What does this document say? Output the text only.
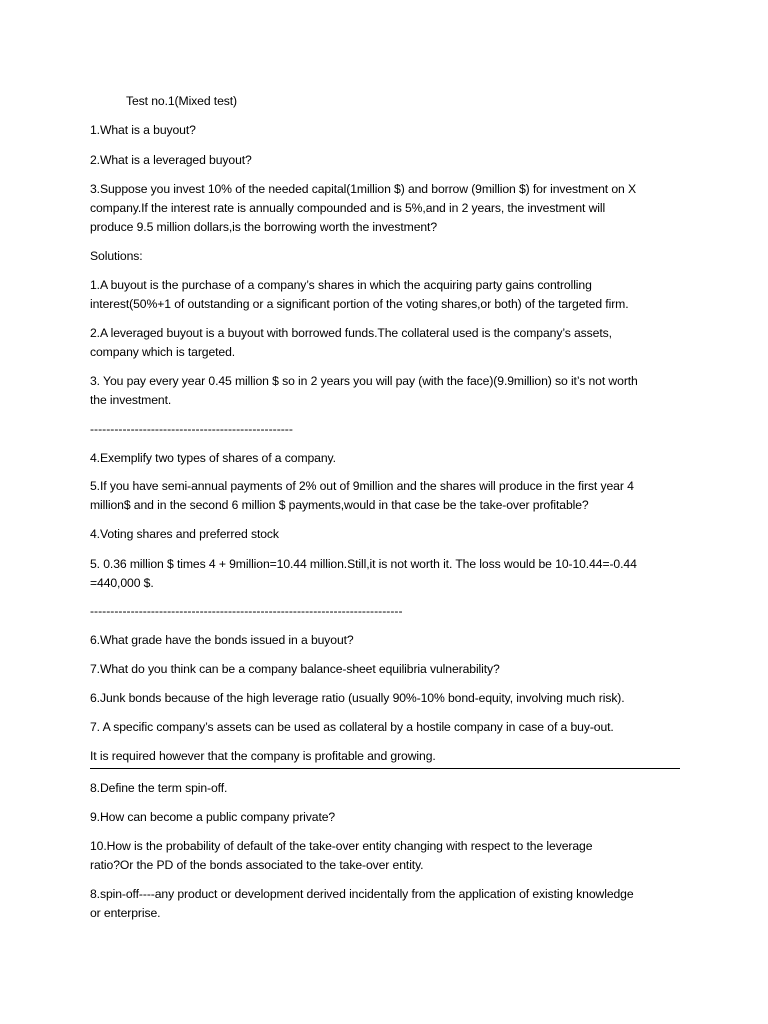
Test no.1(Mixed test)
1.What is a buyout?
2.What is a leveraged buyout?
3.Suppose you invest 10% of the needed capital(1million $) and borrow (9million $) for investment on X
company.If the interest rate is annually compounded and is 5%,and in 2 years, the investment will
produce 9.5 million dollars,is the borrowing worth the investment?
Solutions:
1.A buyout is the purchase of a company’s shares in which the acquiring party gains controlling
interest(50%+1 of outstanding or a significant portion of the voting shares,or both) of the targeted firm.
2.A leveraged buyout is a buyout with borrowed funds.The collateral used is the company’s assets,
company which is targeted.
3. You pay every year 0.45 million $ so in 2 years you will pay (with the face)(9.9million) so it’s not worth
the investment.
--------------------------------------------------
4.Exemplify two types of shares of a company.
5.If you have semi-annual payments of 2% out of 9million and the shares will produce in the first year 4
million$ and in the second 6 million $ payments,would in that case be the take-over profitable?
4.Voting shares and preferred stock
5. 0.36 million $ times 4 + 9million=10.44 million.Still,it is not worth it. The loss would be 10-10.44=-0.44
=440,000 $.
-----------------------------------------------------------------------------
6.What grade have the bonds issued in a buyout?
7.What do you think can be a company balance-sheet equilibria vulnerability?
6.Junk bonds because of the high leverage ratio (usually 90%-10% bond-equity, involving much risk).
7. A specific company’s assets can be used as collateral by a hostile company in case of a buy-out.
It is required however that the company is profitable and growing.
8.Define the term spin-off.
9.How can become a public company private?
10.How is the probability of default of the take-over entity changing with respect to the leverage
ratio?Or the PD of the bonds associated to the take-over entity.
8.spin-off----any product or development derived incidentally from the application of existing knowledge
or enterprise.
